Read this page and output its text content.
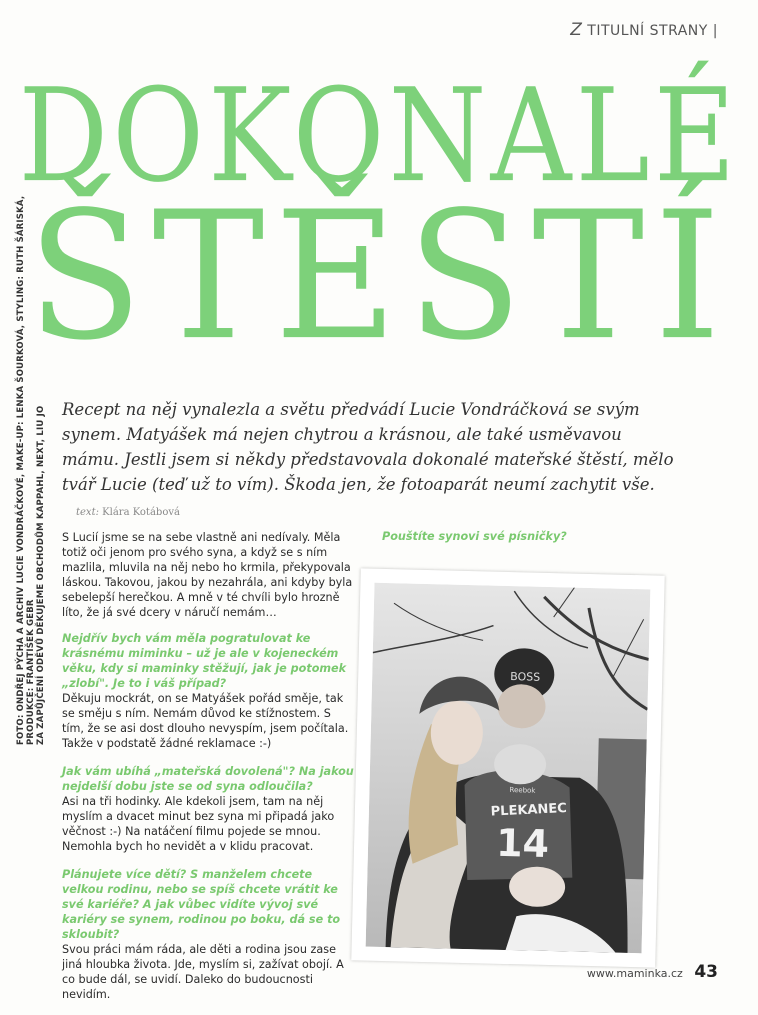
Z TITULNÍ STRANY |
DOKONALÉ
ŠTĚSTÍ
FOTO: ONDŘEJ PÝCHA A ARCHIV LUCIE VONDRÁČKOVÉ, MAKE-UP: LENKA ŠOURKOVÁ, STYLING: RUTH ŠÁRISKÁ, PRODUKCE: FRANTIŠEK GEBR ZA ZAPŮJČENÍ ODĚVŮ DĚKUJEME OBCHODŮM KAPPAHL, NEXT, LIU JO Recept na něj vynalezla a světu předvádí Lucie Vondráčková se svým synem. Matyášek má nejen chytrou a krásnou, ale také usměvavou mámu. Jestli jsem si někdy představovala dokonalé mateřské štěstí, mělo tvář Lucie (teď už to vím). Škoda jen, že fotoaparát neumí zachytit vše. text: Klára Kotábová

S Lucií jsme se na sebe vlastně ani nedívaly. Měla totiž oči jenom pro svého syna, a když se s ním mazlila, mluvila na něj nebo ho krmila, překypovala láskou. Takovou, jakou by nezahrála, ani kdyby byla sebelepší herečkou. A mně v té chvíli bylo hrozně líto, že já své dcery v náručí nemám…

Nejdřív bych vám měla pogratulovat ke krásnému miminku – už je ale v kojeneckém věku, kdy si maminky stěžují, jak je potomek „zlobí". Je to i váš případ?

Děkuju mockrát, on se Matyášek pořád směje, tak se směju s ním. Nemám důvod ke stížnostem. S tím, že se asi dost dlouho nevyspím, jsem počítala. Takže v podstatě žádné reklamace :-)

Jak vám ubíhá „mateřská dovolená"? Na jakou nejdelší dobu jste se od syna odloučila?

Asi na tři hodinky. Ale kdekoli jsem, tam na něj myslím a dvacet minut bez syna mi připadá jako věčnost :-) Na natáčení filmu pojede se mnou. Nemohla bych ho nevidět a v klidu pracovat.

Plánujete více dětí? S manželem chcete velkou rodinu, nebo se spíš chcete vrátit ke své kariéře? A jak vůbec vidíte vývoj své kariéry se synem, rodinou po boku, dá se to skloubit?

Svou práci mám ráda, ale děti a rodina jsou zase jiná hloubka života. Jde, myslím si, zažívat obojí. A co bude dál, se uvidí. Daleko do budoucnosti nevidím.

Pouštíte synovi své písničky?
BOSS
PLEKANEC
14
Reebok
www.maminka.cz 43
